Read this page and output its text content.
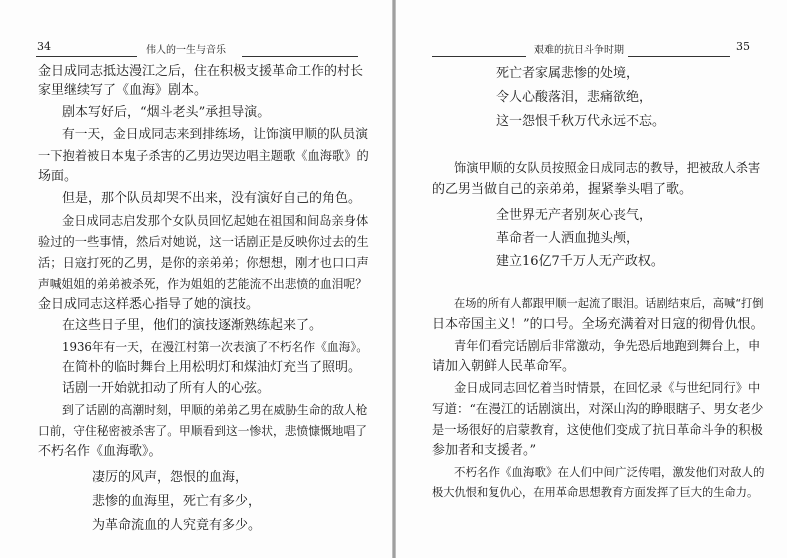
34	伟人的一生与音乐
金日成同志抵达漫江之后，住在积极支援革命工作的村长
家里继续写了《血海》剧本。
剧本写好后，“烟斗老头”承担导演。
有一天，金日成同志来到排练场，让饰演甲顺的队员演
一下抱着被日本鬼子杀害的乙男边哭边唱主题歌《血海歌》的
场面。
但是，那个队员却哭不出来，没有演好自己的角色。
金日成同志启发那个女队员回忆起她在祖国和间岛亲身体
验过的一些事情，然后对她说，这一话剧正是反映你过去的生
活；日寇打死的乙男，是你的亲弟弟；你想想，刚才也口口声
声喊姐姐的弟弟被杀死，作为姐姐的艺能流不出悲愤的血泪呢？
金日成同志这样悉心指导了她的演技。
在这些日子里，他们的演技逐渐熟练起来了。
1936年有一天，在漫江村第一次表演了不朽名作《血海》。
在简朴的临时舞台上用松明灯和煤油灯充当了照明。
话剧一开始就扣动了所有人的心弦。
到了话剧的高潮时刻，甲顺的弟弟乙男在威胁生命的敌人枪
口前，守住秘密被杀害了。甲顺看到这一惨状，悲愤慷慨地唱了
不朽名作《血海歌》。
凄厉的风声，怨恨的血海，
悲惨的血海里，死亡有多少，
为革命流血的人究竟有多少。
艰难的抗日斗争时期	35
死亡者家属悲惨的处境，
令人心酸落泪，悲痛欲绝，
这一怨恨千秋万代永远不忘。
饰演甲顺的女队员按照金日成同志的教导，把被敌人杀害
的乙男当做自己的亲弟弟，握紧拳头唱了歌。
全世界无产者别灰心丧气，
革命者一人洒血抛头颅，
建立16亿7千万人无产政权。
在场的所有人都跟甲顺一起流了眼泪。话剧结束后，高喊“打倒
日本帝国主义！”的口号。全场充满着对日寇的彻骨仇恨。
青年们看完话剧后非常激动，争先恐后地跑到舞台上，申
请加入朝鲜人民革命军。
金日成同志回忆着当时情景，在回忆录《与世纪同行》中
写道：“在漫江的话剧演出，对深山沟的睁眼瞎子、男女老少
是一场很好的启蒙教育，这使他们变成了抗日革命斗争的积极
参加者和支援者。”
不朽名作《血海歌》在人们中间广泛传唱，激发他们对敌人的
极大仇恨和复仇心，在用革命思想教育方面发挥了巨大的生命力。
